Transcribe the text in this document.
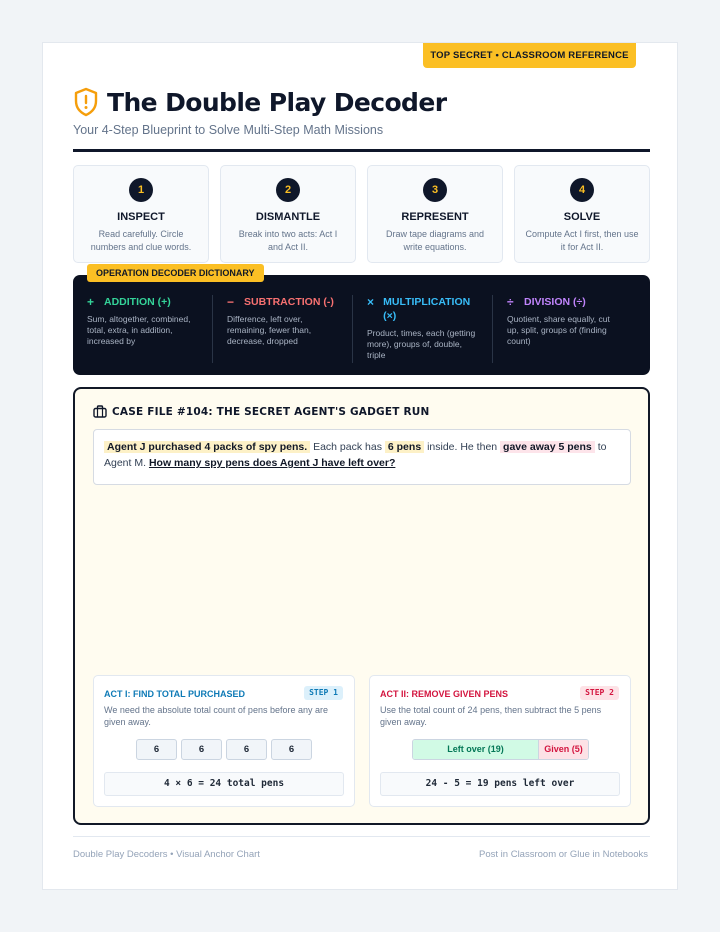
TOP SECRET • CLASSROOM REFERENCE
The Double Play Decoder
Your 4-Step Blueprint to Solve Multi-Step Math Missions
1
INSPECT
Read carefully. Circle numbers and clue words.
2
DISMANTLE
Break into two acts: Act I and Act II.
3
REPRESENT
Draw tape diagrams and write equations.
4
SOLVE
Compute Act I first, then use it for Act II.
OPERATION DECODER DICTIONARY
+ ADDITION (+)
Sum, altogether, combined, total, extra, in addition, increased by
− SUBTRACTION (-)
Difference, left over, remaining, fewer than, decrease, dropped
× MULTIPLICATION (×)
Product, times, each (getting more), groups of, double, triple
÷ DIVISION (÷)
Quotient, share equally, cut up, split, groups of (finding count)
CASE FILE #104: THE SECRET AGENT'S GADGET RUN
Agent J purchased 4 packs of spy pens. Each pack has 6 pens inside. He then gave away 5 pens to Agent M. How many spy pens does Agent J have left over?
ACT I: FIND TOTAL PURCHASED	STEP 1
We need the absolute total count of pens before any are given away.
6	6	6	6
4 × 6 = 24 total pens
ACT II: REMOVE GIVEN PENS	STEP 2
Use the total count of 24 pens, then subtract the 5 pens given away.
Left over (19)	Given (5)
24 - 5 = 19 pens left over
Double Play Decoders • Visual Anchor Chart	Post in Classroom or Glue in Notebooks
